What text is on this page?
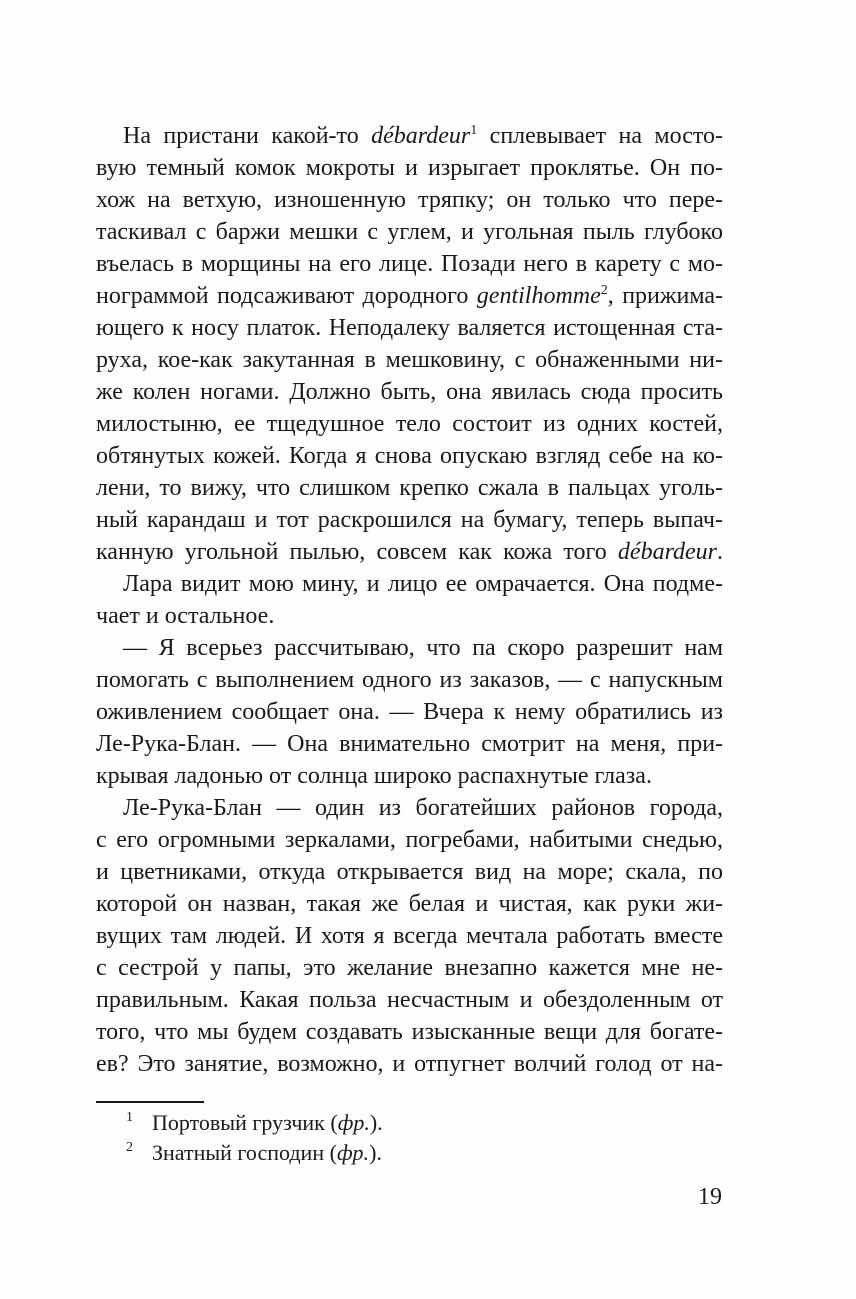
На пристани какой-то débardeur$^1$ сплевывает на мосто-
вую темный комок мокроты и изрыгает проклятье. Он по-
хож на ветхую, изношенную тряпку; он только что пере-
таскивал с баржи мешки с углем, и угольная пыль глубоко
въелась в морщины на его лице. Позади него в карету с мо-
нограммой подсаживают дородного gentilhomme$^2$, прижима-
ющего к носу платок. Неподалеку валяется истощенная ста-
руха, кое-как закутанная в мешковину, с обнаженными ни-
же колен ногами. Должно быть, она явилась сюда просить
милостыню, ее тщедушное тело состоит из одних костей,
обтянутых кожей. Когда я снова опускаю взгляд себе на ко-
лени, то вижу, что слишком крепко сжала в пальцах уголь-
ный карандаш и тот раскрошился на бумагу, теперь выпач-
канную угольной пылью, совсем как кожа того débardeur.
Лара видит мою мину, и лицо ее омрачается. Она подме-
чает и остальное.
— Я всерьез рассчитываю, что па скоро разрешит нам
помогать с выполнением одного из заказов, — с напускным
оживлением сообщает она. — Вчера к нему обратились из
Ле-Рука-Блан. — Она внимательно смотрит на меня, при-
крывая ладонью от солнца широко распахнутые глаза.
Ле-Рука-Блан — один из богатейших районов города,
с его огромными зеркалами, погребами, набитыми снедью,
и цветниками, откуда открывается вид на море; скала, по
которой он назван, такая же белая и чистая, как руки жи-
вущих там людей. И хотя я всегда мечтала работать вместе
с сестрой у папы, это желание внезапно кажется мне не-
правильным. Какая польза несчастным и обездоленным от
того, что мы будем создавать изысканные вещи для богате-
ев? Это занятие, возможно, и отпугнет волчий голод от на-
1 Портовый грузчик (фр.).
2 Знатный господин (фр.).
19
